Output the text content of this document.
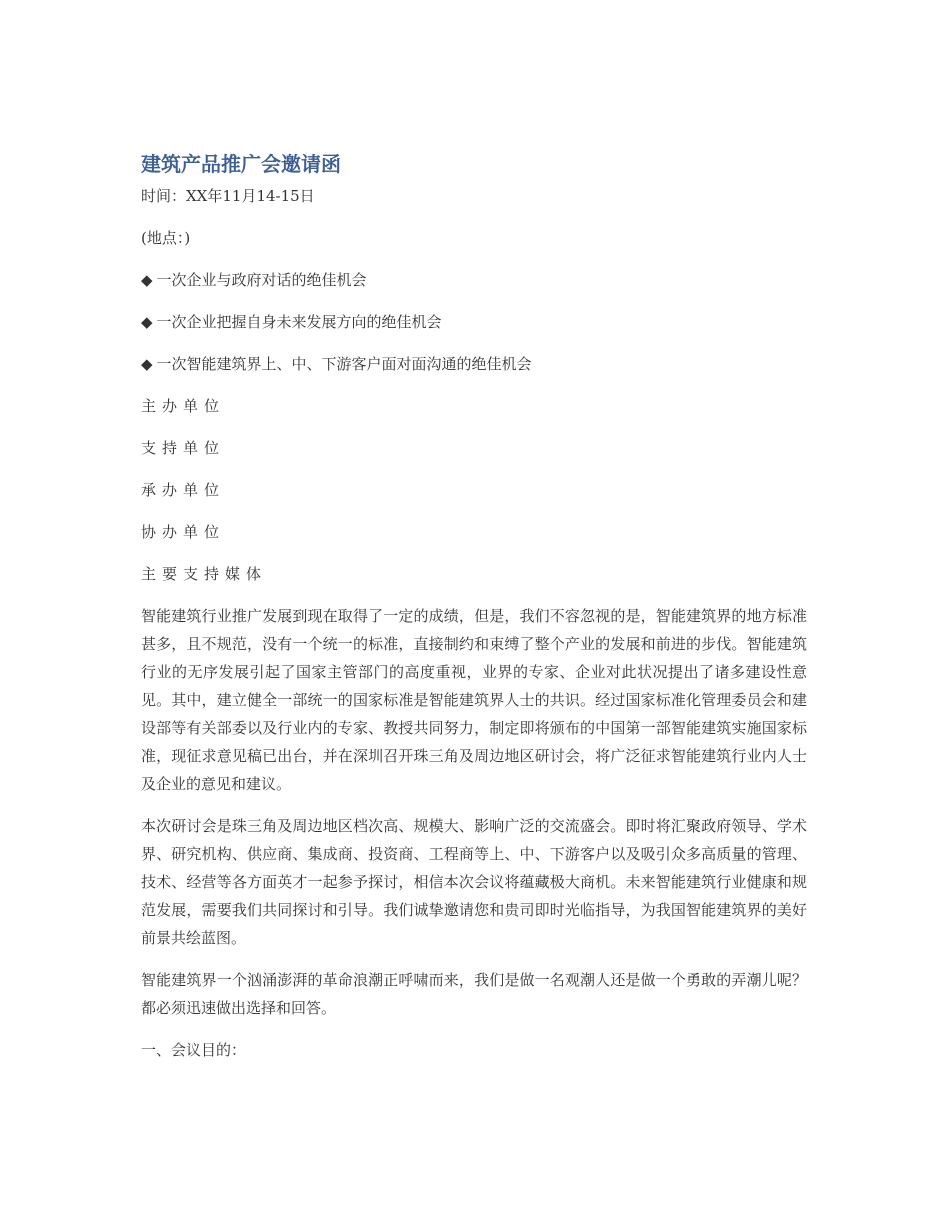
建筑产品推广会邀请函

时间：XX年11月14-15日

(地点：)

◆ 一次企业与政府对话的绝佳机会

◆ 一次企业把握自身未来发展方向的绝佳机会

◆ 一次智能建筑界上、中、下游客户面对面沟通的绝佳机会

主办单位

支持单位

承办单位

协办单位

主要支持媒体

智能建筑行业推广发展到现在取得了一定的成绩，但是，我们不容忽视的是，智能建筑界的地方标准甚多，且不规范，没有一个统一的标准，直接制约和束缚了整个产业的发展和前进的步伐。智能建筑行业的无序发展引起了国家主管部门的高度重视，业界的专家、企业对此状况提出了诸多建设性意见。其中，建立健全一部统一的国家标准是智能建筑界人士的共识。经过国家标准化管理委员会和建设部等有关部委以及行业内的专家、教授共同努力，制定即将颁布的中国第一部智能建筑实施国家标准，现征求意见稿已出台，并在深圳召开珠三角及周边地区研讨会，将广泛征求智能建筑行业内人士及企业的意见和建议。

本次研讨会是珠三角及周边地区档次高、规模大、影响广泛的交流盛会。即时将汇聚政府领导、学术界、研究机构、供应商、集成商、投资商、工程商等上、中、下游客户以及吸引众多高质量的管理、技术、经营等各方面英才一起参予探讨，相信本次会议将蕴藏极大商机。未来智能建筑行业健康和规范发展，需要我们共同探讨和引导。我们诚挚邀请您和贵司即时光临指导，为我国智能建筑界的美好前景共绘蓝图。

智能建筑界一个汹涌澎湃的革命浪潮正呼啸而来，我们是做一名观潮人还是做一个勇敢的弄潮儿呢？都必须迅速做出选择和回答。

一、会议目的：
